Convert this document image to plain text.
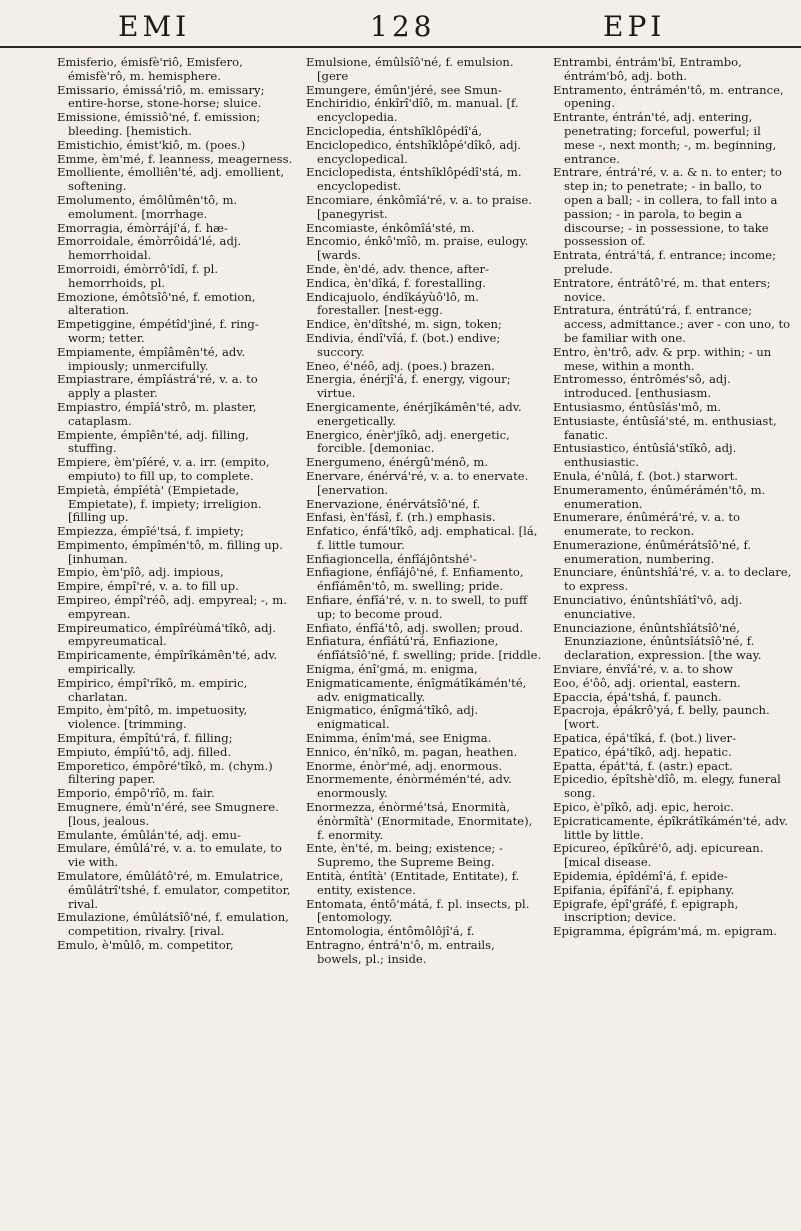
EMI	128	EPI

Emisferio, émisfè'riô, Emisfero, émisfè'rô, m. hemisphere.

Emissario, émissá'riô, m. emissary; entire-horse, stone-horse; sluice.

Emissione, émissiô'né, f. emission; bleeding. [hemistich.

Emistichio, émist'kiô, m. (poes.)

Emme, èm'mé, f. leanness, meagerness.

Emolliente, émolliên'té, adj. emollient, softening.

Emolumento, émôlûmên'tô, m. emolument. [morrhage.

Emorragia, émòrrájí'á, f. hæ-

Emorroidale, émòrrôidá'lé, adj. hemorrhoidal.

Emorroidi, émòrrô'îdî, f. pl. hemorrhoids, pl.

Emozione, émôtsîô'né, f. emotion, alteration.

Empetiggine, émpétîd'jìné, f. ring-worm; tetter.

Empiamente, émpîâmên'té, adv. impiously; unmercifully.

Empiastrare, émpîástrá'ré, v. a. to apply a plaster.

Empiastro, émpîá'strô, m. plaster, cataplasm.

Empiente, émpîên'té, adj. filling, stuffing.

Empiere, èm'pîéré, v. a. irr. (empito, empiuto) to fill up, to complete.

Empietà, émpîétà' (Empietade, Empietate), f. impiety; irreligion. [filling up.

Empiezza, émpîé'tsá, f. impiety;

Empimento, émpîmén'tô, m. filling up. [inhuman.

Empio, èm'pîô, adj. impious,

Empire, émpî'ré, v. a. to fill up.

Empireo, émpî'réô, adj. empyreal; -, m. empyrean.

Empireumatico, émpîréùmá'tîkô, adj. empyreumatical.

Empiricamente, émpîrîkámên'té, adv. empirically.

Empirico, émpî'rîkô, m. empiric, charlatan.

Empito, èm'pîtô, m. impetuosity, violence. [trimming.

Empitura, émpîtú'rá, f. filling;

Empiuto, émpîú'tô, adj. filled.

Emporetico, émpôré'tîkô, m. (chym.) filtering paper.

Emporio, émpô'rîô, m. fair.

Emugnere, émù'n'éré, see Smugnere. [lous, jealous.

Emulante, émûlán'té, adj. emu-

Emulare, émûlá'ré, v. a. to emulate, to vie with.

Emulatore, émûlátô'ré, m. Emulatrice, émûlátrî'tshé, f. emulator, competitor, rival.

Emulazione, émûlátsîô'né, f. emulation, competition, rivalry. [rival.

Emulo, è'mûlô, m. competitor,

Emulsione, émûlsîô'né, f. emulsion. [gere

Emungere, émûn'jéré, see Smun-

Enchiridio, énkîrî'dîô, m. manual. [f. encyclopedia.

Enciclopedia, éntshîklôpédî'á,

Enciclopedico, éntshîklôpé'dîkô, adj. encyclopedical.

Enciclopedista, éntshîklôpédî'stá, m. encyclopedist.

Encomiare, énkômîá'ré, v. a. to praise. [panegyrist.

Encomiaste, énkômîá'sté, m.

Encomio, énkô'mîô, m. praise, eulogy. [wards.

Ende, èn'dé, adv. thence, after-

Endica, èn'dîká, f. forestalling.

Endicajuolo, éndîkáyùô'lô, m. forestaller. [nest-egg.

Endice, èn'dîtshé, m. sign, token;

Endivia, éndî'vîá, f. (bot.) endive; succory.

Eneo, é'néô, adj. (poes.) brazen.

Energia, énérjî'á, f. energy, vigour; virtue.

Energicamente, énérjîkámên'té, adv. energetically.

Energico, énèr'jîkô, adj. energetic, forcible. [demoniac.

Energumeno, énérgû'ménô, m.

Enervare, énérvá'ré, v. a. to enervate. [enervation.

Enervazione, énérvátsîô'né, f.

Enfasi, èn'fásî, f. (rh.) emphasis.

Enfatico, énfá'tîkô, adj. emphatical. [lá, f. little tumour.

Enfiagioncella, énfîájôntshé'-

Enfiagione, énfîájô'né, f. Enfiamento, énfîámên'tô, m. swelling; pride.

Enfiare, énfîá'ré, v. n. to swell, to puff up; to become proud.

Enfiato, énfîá'tô, adj. swollen; proud.

Enfiatura, énfîátú'rá, Enfiazione, énfîátsîô'né, f. swelling; pride. [riddle.

Enigma, énî'gmá, m. enigma,

Enigmaticamente, énîgmátîkámén'té, adv. enigmatically.

Enigmatico, énîgmá'tîkô, adj. enigmatical.

Enimma, énîm'má, see Enigma.

Ennico, én'nîkô, m. pagan, heathen.

Enorme, énòr'mé, adj. enormous.

Enormemente, énòrmémén'té, adv. enormously.

Enormezza, énòrmé'tsá, Enormità, énòrmîtà' (Enormitade, Enormitate), f. enormity.

Ente, èn'té, m. being; existence; - Supremo, the Supreme Being.

Entità, éntîtà' (Entitade, Entitate), f. entity, existence.

Entomata, éntô'mátá, f. pl. insects, pl. [entomology.

Entomologia, éntômôlôjî'á, f.

Entragno, éntrá'n'ô, m. entrails, bowels, pl.; inside.

Entrambi, éntrám'bî, Entrambo, éntrám'bô, adj. both.

Entramento, éntrámén'tô, m. entrance, opening.

Entrante, éntrán'té, adj. entering, penetrating; forceful, powerful; il mese -, next month; -, m. beginning, entrance.

Entrare, éntrá'ré, v. a. & n. to enter; to step in; to penetrate; - in ballo, to open a ball; - in collera, to fall into a passion; - in parola, to begin a discourse; - in possessione, to take possession of.

Entrata, éntrá'tá, f. entrance; income; prelude.

Entratore, éntrátô'ré, m. that enters; novice.

Entratura, éntrátú'rá, f. entrance; access, admittance.; aver - con uno, to be familiar with one.

Entro, èn'trô, adv. & prp. within; - un mese, within a month.

Entromesso, éntrômés'sô, adj. introduced. [enthusiasm.

Entusiasmo, éntûsîás'mô, m.

Entusiaste, éntûsîá'sté, m. enthusiast, fanatic.

Entusiastico, éntûsîá'stîkô, adj. enthusiastic.

Enula, é'nûlá, f. (bot.) starwort.

Enumeramento, énûmérámén'tô, m. enumeration.

Enumerare, énûmérá'ré, v. a. to enumerate, to reckon.

Enumerazione, énûmérátsîô'né, f. enumeration, numbering.

Enunciare, énûntshîá'ré, v. a. to declare, to express.

Enunciativo, énûntshîátî'vô, adj. enunciative.

Enunciazione, énûntshîátsîô'né, Enunziazione, énûntsîátsîô'né, f. declaration, expression. [the way.

Enviare, énvîá'ré, v. a. to show

Eoo, é'ôô, adj. oriental, eastern.

Epaccia, épá'tshá, f. paunch.

Epacroja, épákrô'yá, f. belly, paunch. [wort.

Epatica, épá'tîká, f. (bot.) liver-

Epatico, épá'tîkô, adj. hepatic.

Epatta, épát'tá, f. (astr.) epact.

Epicedio, épîtshè'dîô, m. elegy, funeral song.

Epico, è'pîkô, adj. epic, heroic.

Epicraticamente, épîkrátîkámén'té, adv. little by little.

Epicureo, épîkûré'ô, adj. epicurean. [mical disease.

Epidemia, épîdémî'á, f. epide-

Epifania, épîfánî'á, f. epiphany.

Epigrafe, épî'gráfé, f. epigraph, inscription; device.

Epigramma, épîgrám'má, m. epigram.
